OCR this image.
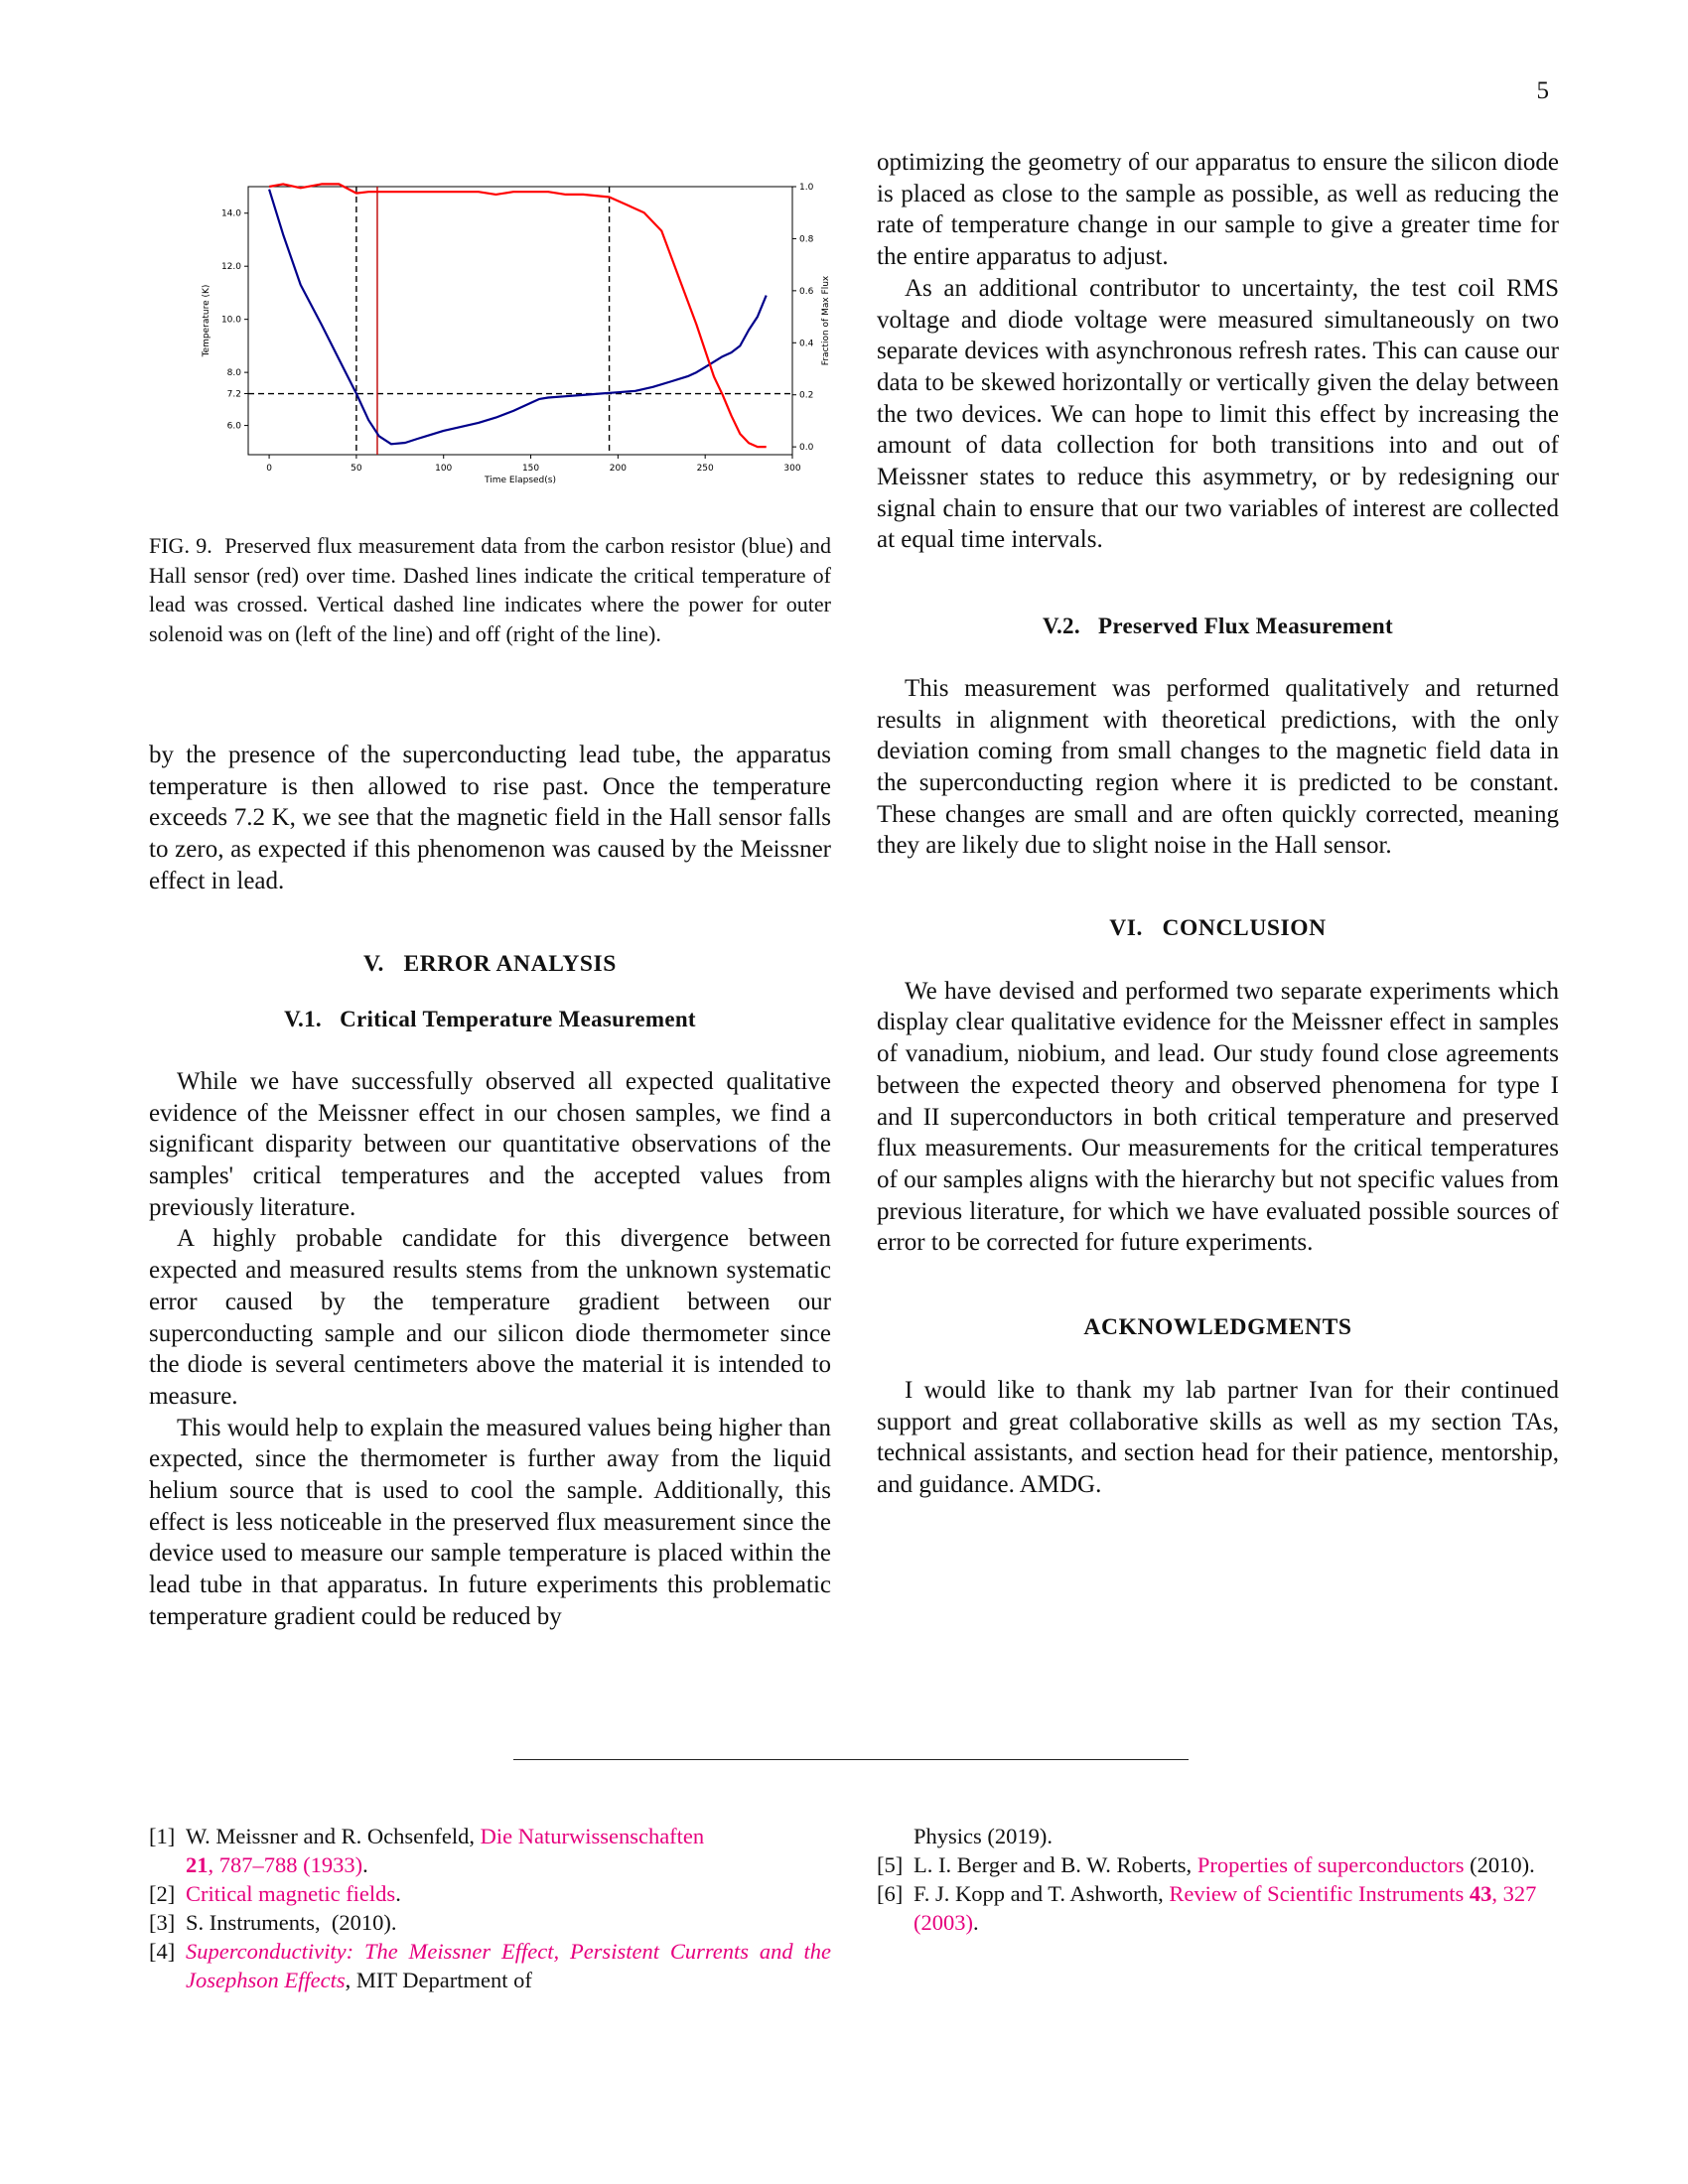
5
0	50	100	150	200	250	300
6.0
7.2
8.0
10.0
12.0
14.0
0.0
0.2
0.4
0.6
0.8
1.0
Time Elapsed(s)
Temperature (K)	Fraction of Max Flux
FIG. 9. Preserved flux measurement data from the carbon resistor (blue) and Hall sensor (red) over time. Dashed lines indicate the critical temperature of lead was crossed. Vertical dashed line indicates where the power for outer solenoid was on (left of the line) and off (right of the line).

by the presence of the superconducting lead tube, the apparatus temperature is then allowed to rise past. Once the temperature exceeds 7.2 K, we see that the magnetic field in the Hall sensor falls to zero, as expected if this phenomenon was caused by the Meissner effect in lead.

V.   ERROR ANALYSIS
V.1.   Critical Temperature Measurement

While we have successfully observed all expected qualitative evidence of the Meissner effect in our chosen samples, we find a significant disparity between our quantitative observations of the samples' critical temperatures and the accepted values from previously literature.

A highly probable candidate for this divergence between expected and measured results stems from the unknown systematic error caused by the temperature gradient between our superconducting sample and our silicon diode thermometer since the diode is several centimeters above the material it is intended to measure.

This would help to explain the measured values being higher than expected, since the thermometer is further away from the liquid helium source that is used to cool the sample. Additionally, this effect is less noticeable in the preserved flux measurement since the device used to measure our sample temperature is placed within the lead tube in that apparatus. In future experiments this problematic temperature gradient could be reduced by

optimizing the geometry of our apparatus to ensure the silicon diode is placed as close to the sample as possible, as well as reducing the rate of temperature change in our sample to give a greater time for the entire apparatus to adjust.

As an additional contributor to uncertainty, the test coil RMS voltage and diode voltage were measured simultaneously on two separate devices with asynchronous refresh rates. This can cause our data to be skewed horizontally or vertically given the delay between the two devices. We can hope to limit this effect by increasing the amount of data collection for both transitions into and out of Meissner states to reduce this asymmetry, or by redesigning our signal chain to ensure that our two variables of interest are collected at equal time intervals.

V.2.   Preserved Flux Measurement

This measurement was performed qualitatively and returned results in alignment with theoretical predictions, with the only deviation coming from small changes to the magnetic field data in the superconducting region where it is predicted to be constant. These changes are small and are often quickly corrected, meaning they are likely due to slight noise in the Hall sensor.

VI.   CONCLUSION

We have devised and performed two separate experiments which display clear qualitative evidence for the Meissner effect in samples of vanadium, niobium, and lead. Our study found close agreements between the expected theory and observed phenomena for type I and II superconductors in both critical temperature and preserved flux measurements. Our measurements for the critical temperatures of our samples aligns with the hierarchy but not specific values from previous literature, for which we have evaluated possible sources of error to be corrected for future experiments.

ACKNOWLEDGMENTS

I would like to thank my lab partner Ivan for their continued support and great collaborative skills as well as my section TAs, technical assistants, and section head for their patience, mentorship, and guidance. AMDG.

[1] W. Meissner and R. Ochsenfeld, Die Naturwissenschaften
21, 787–788 (1933).
[2] Critical magnetic fields.
[3] S. Instruments,  (2010).
[4] Superconductivity: The Meissner Effect, Persistent Currents and the Josephson Effects, MIT Department of
Physics (2019).
[5] L. I. Berger and B. W. Roberts, Properties of superconductors (2010).
[6] F. J. Kopp and T. Ashworth, Review of Scientific Instruments 43, 327 (2003).
